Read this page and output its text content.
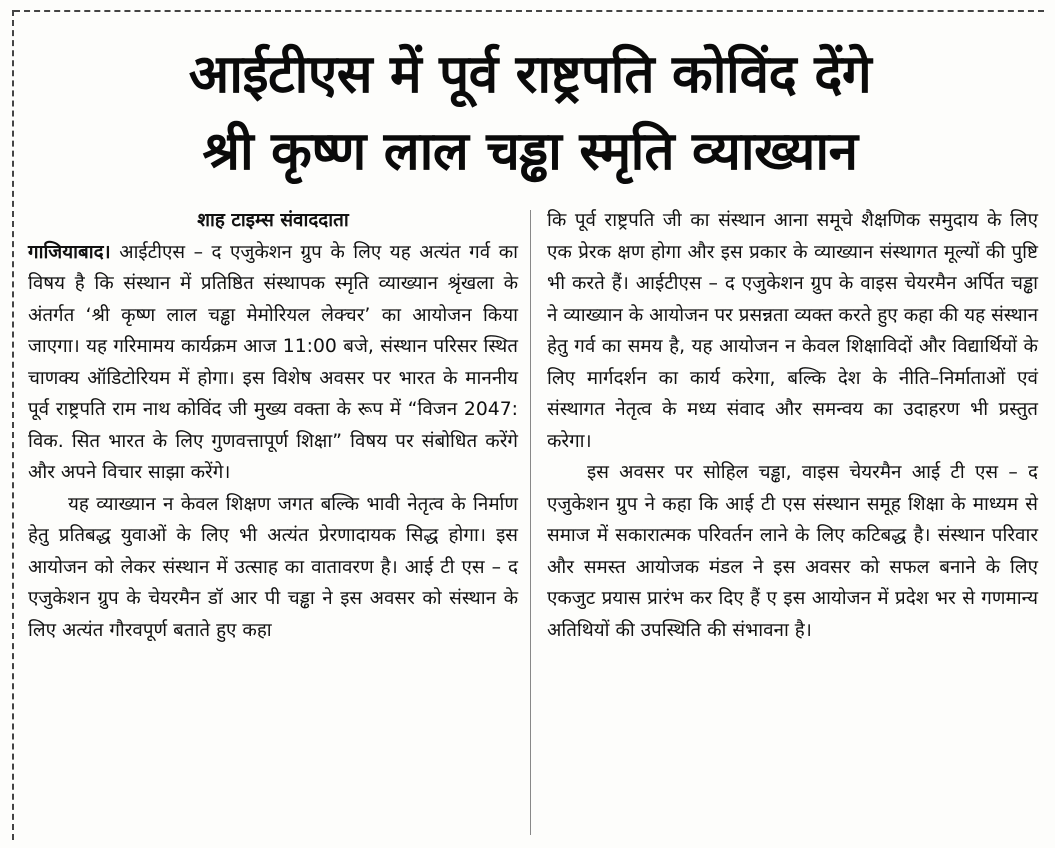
आईटीएस में पूर्व राष्ट्रपति कोविंद देंगे
श्री कृष्ण लाल चड्ढा स्मृति व्याख्यान

शाह टाइम्स संवाददाता

गाजियाबाद। आईटीएस – द एजुकेशन ग्रुप के लिए यह अत्यंत गर्व का विषय है कि संस्थान में प्रतिष्ठित संस्थापक स्मृति व्याख्यान श्रृंखला के अंतर्गत ‘श्री कृष्ण लाल चड्ढा मेमोरियल लेक्चर’ का आयोजन किया जाएगा। यह गरिमामय कार्यक्रम आज 11:00 बजे, संस्थान परिसर स्थित चाणक्य ऑडिटोरियम में होगा। इस विशेष अवसर पर भारत के माननीय पूर्व राष्ट्रपति राम नाथ कोविंद जी मुख्य वक्ता के रूप में “विजन 2047: विक. सित भारत के लिए गुणवत्तापूर्ण शिक्षा” विषय पर संबोधित करेंगे और अपने विचार साझा करेंगे।

यह व्याख्यान न केवल शिक्षण जगत बल्कि भावी नेतृत्व के निर्माण हेतु प्रतिबद्ध युवाओं के लिए भी अत्यंत प्रेरणादायक सिद्ध होगा। इस आयोजन को लेकर संस्थान में उत्साह का वातावरण है। आई टी एस – द एजुकेशन ग्रुप के चेयरमैन डॉ आर पी चड्ढा ने इस अवसर को संस्थान के लिए अत्यंत गौरवपूर्ण बताते हुए कहा

कि पूर्व राष्ट्रपति जी का संस्थान आना समूचे शैक्षणिक समुदाय के लिए एक प्रेरक क्षण होगा और इस प्रकार के व्याख्यान संस्थागत मूल्यों की पुष्टि भी करते हैं। आईटीएस – द एजुकेशन ग्रुप के वाइस चेयरमैन अर्पित चड्ढा ने व्याख्यान के आयोजन पर प्रसन्नता व्यक्त करते हुए कहा की यह संस्थान हेतु गर्व का समय है, यह आयोजन न केवल शिक्षाविदों और विद्यार्थियों के लिए मार्गदर्शन का कार्य करेगा, बल्कि देश के नीति–निर्माताओं एवं संस्थागत नेतृत्व के मध्य संवाद और समन्वय का उदाहरण भी प्रस्तुत करेगा।

इस अवसर पर सोहिल चड्ढा, वाइस चेयरमैन आई टी एस – द एजुकेशन ग्रुप ने कहा कि आई टी एस संस्थान समूह शिक्षा के माध्यम से समाज में सकारात्मक परिवर्तन लाने के लिए कटिबद्ध है। संस्थान परिवार और समस्त आयोजक मंडल ने इस अवसर को सफल बनाने के लिए एकजुट प्रयास प्रारंभ कर दिए हैं ए इस आयोजन में प्रदेश भर से गणमान्य अतिथियों की उपस्थिति की संभावना है।
